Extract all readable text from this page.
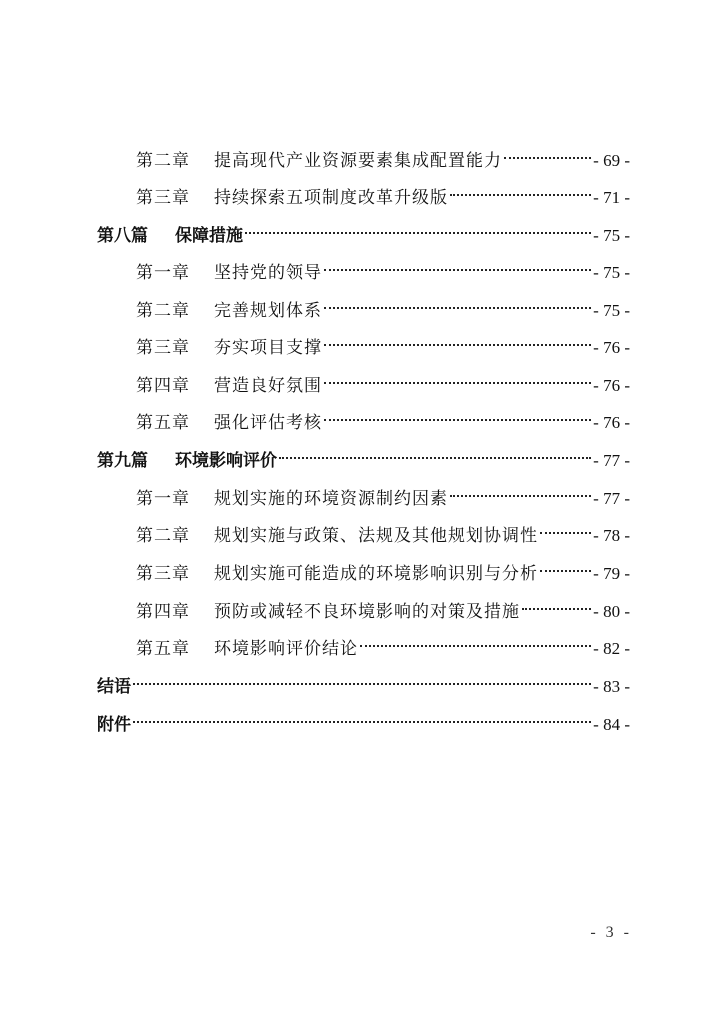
第二章	提高现代产业资源要素集成配置能力	- 69 -
第三章	持续探索五项制度改革升级版	- 71 -
第八篇	保障措施	- 75 -
第一章	坚持党的领导	- 75 -
第二章	完善规划体系	- 75 -
第三章	夯实项目支撑	- 76 -
第四章	营造良好氛围	- 76 -
第五章	强化评估考核	- 76 -
第九篇	环境影响评价	- 77 -
第一章	规划实施的环境资源制约因素	- 77 -
第二章	规划实施与政策、法规及其他规划协调性	- 78 -
第三章	规划实施可能造成的环境影响识别与分析	- 79 -
第四章	预防或减轻不良环境影响的对策及措施	- 80 -
第五章	环境影响评价结论	- 82 -
结语	- 83 -
附件	- 84 -
- 3 -
